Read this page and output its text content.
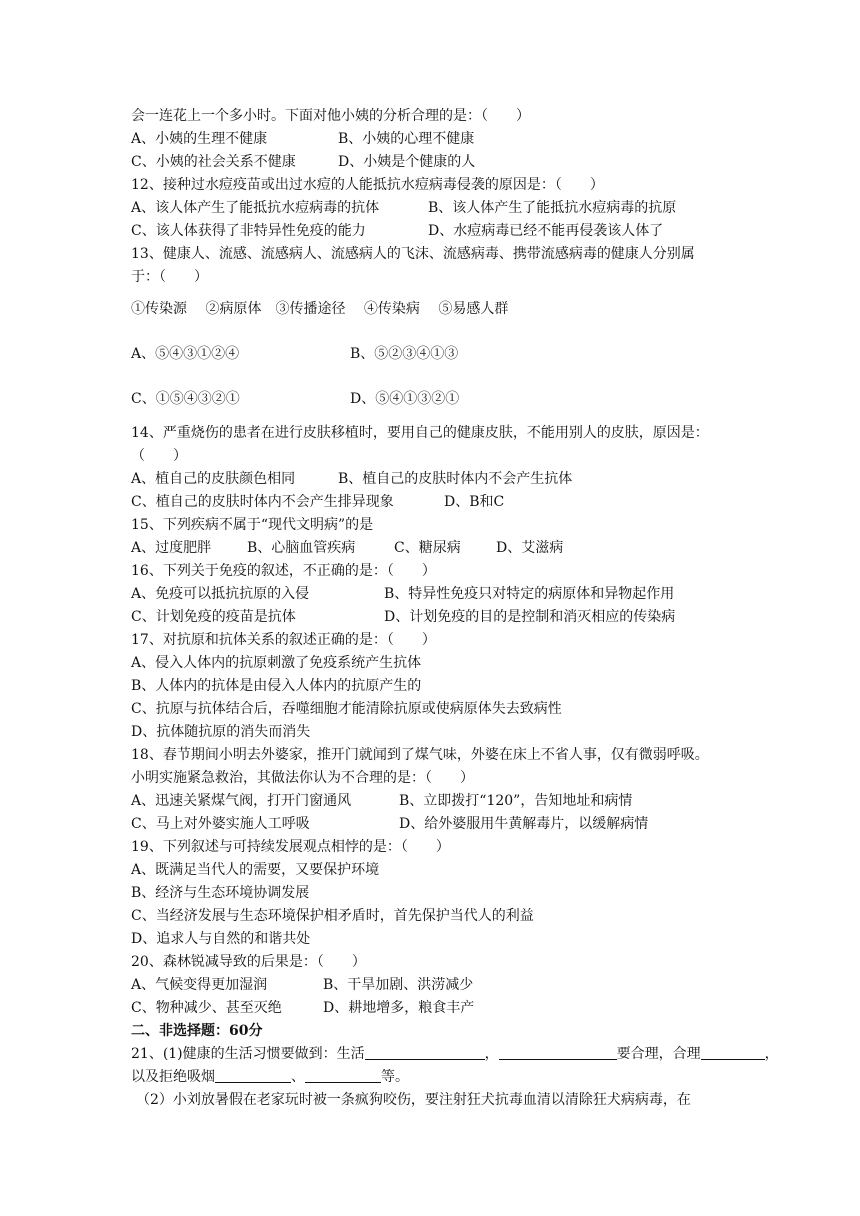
会一连花上一个多小时。下面对他小姨的分析合理的是：（　　）
A、小姨的生理不健康	B、小姨的心理不健康
C、小姨的社会关系不健康	D、小姨是个健康的人
12、接种过水痘疫苗或出过水痘的人能抵抗水痘病毒侵袭的原因是：（　　）
A、该人体产生了能抵抗水痘病毒的抗体	B、该人体产生了能抵抗水痘病毒的抗原
C、该人体获得了非特异性免疫的能力	D、水痘病毒已经不能再侵袭该人体了
13、健康人、流感、流感病人、流感病人的飞沫、流感病毒、携带流感病毒的健康人分别属
于：（　　）
①传染源　 ②病原体　③传播途径　 ④传染病　 ⑤易感人群
A、⑤④③①②④	B、⑤②③④①③
C、①⑤④③②①	D、⑤④①③②①
14、严重烧伤的患者在进行皮肤移植时，要用自己的健康皮肤，不能用别人的皮肤，原因是：
（　　）
A、植自己的皮肤颜色相同	B、植自己的皮肤时体内不会产生抗体
C、植自己的皮肤时体内不会产生排异现象	D、B和C
15、下列疾病不属于“现代文明病”的是
A、过度肥胖	B、心脑血管疾病	C、糖尿病	D、艾滋病
16、下列关于免疫的叙述，不正确的是：（　　）
A、免疫可以抵抗抗原的入侵	B、特异性免疫只对特定的病原体和异物起作用
C、计划免疫的疫苗是抗体	D、计划免疫的目的是控制和消灭相应的传染病
17、对抗原和抗体关系的叙述正确的是：（　　）
A、侵入人体内的抗原刺激了免疫系统产生抗体
B、人体内的抗体是由侵入人体内的抗原产生的
C、抗原与抗体结合后，吞噬细胞才能清除抗原或使病原体失去致病性
D、抗体随抗原的消失而消失
18、春节期间小明去外婆家，推开门就闻到了煤气味，外婆在床上不省人事，仅有微弱呼吸。
小明实施紧急救治，其做法你认为不合理的是：（　　）
A、迅速关紧煤气阀，打开门窗通风	B、立即拨打“120”，告知地址和病情
C、马上对外婆实施人工呼吸	D、给外婆服用牛黄解毒片，以缓解病情
19、下列叙述与可持续发展观点相悖的是：（　　）
A、既满足当代人的需要，又要保护环境
B、经济与生态环境协调发展
C、当经济发展与生态环境保护相矛盾时，首先保护当代人的利益
D、追求人与自然的和谐共处
20、森林锐减导致的后果是：（　　）
A、气候变得更加湿润	B、干旱加剧、洪涝减少
C、物种减少、甚至灭绝	D、耕地增多，粮食丰产
二、非选择题：60分
21、(1)健康的生活习惯要做到：生活	，	要合理，合理	，
以及拒绝吸烟	、	等。
（2）小刘放暑假在老家玩时被一条疯狗咬伤，要注射狂犬抗毒血清以清除狂犬病病毒，在
